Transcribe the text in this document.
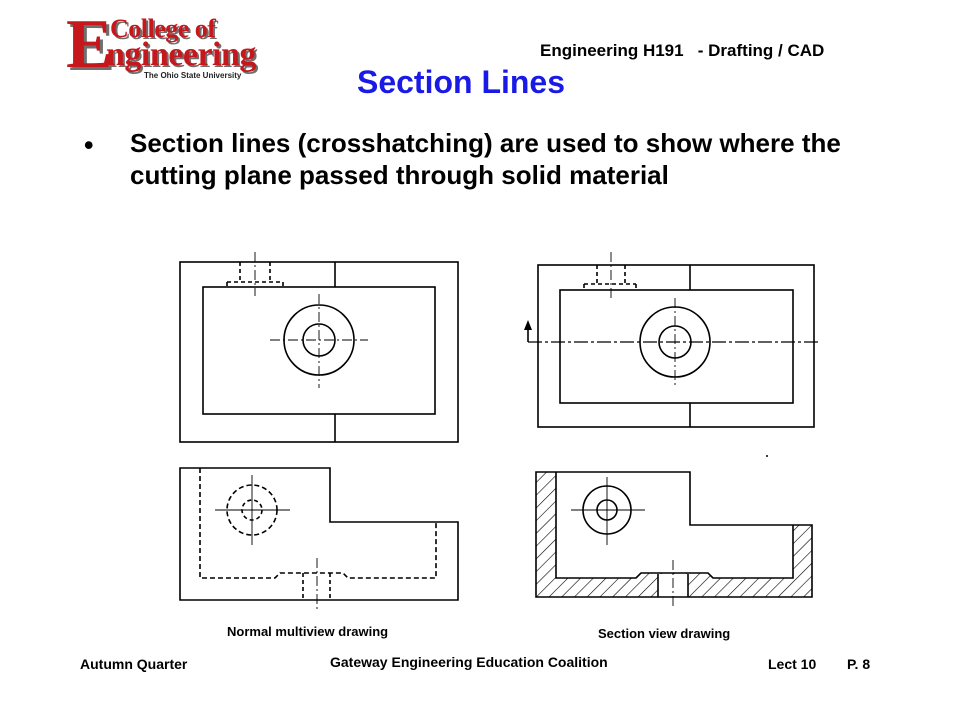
E
College of
ngineering
The Ohio State University
Engineering H191   - Drafting / CAD
Section Lines
• Section lines (crosshatching) are used to show where the cutting plane passed through solid material
Normal multiview drawing	Section view drawing
Autumn Quarter	Gateway Engineering Education Coalition	Lect 10 P. 8
